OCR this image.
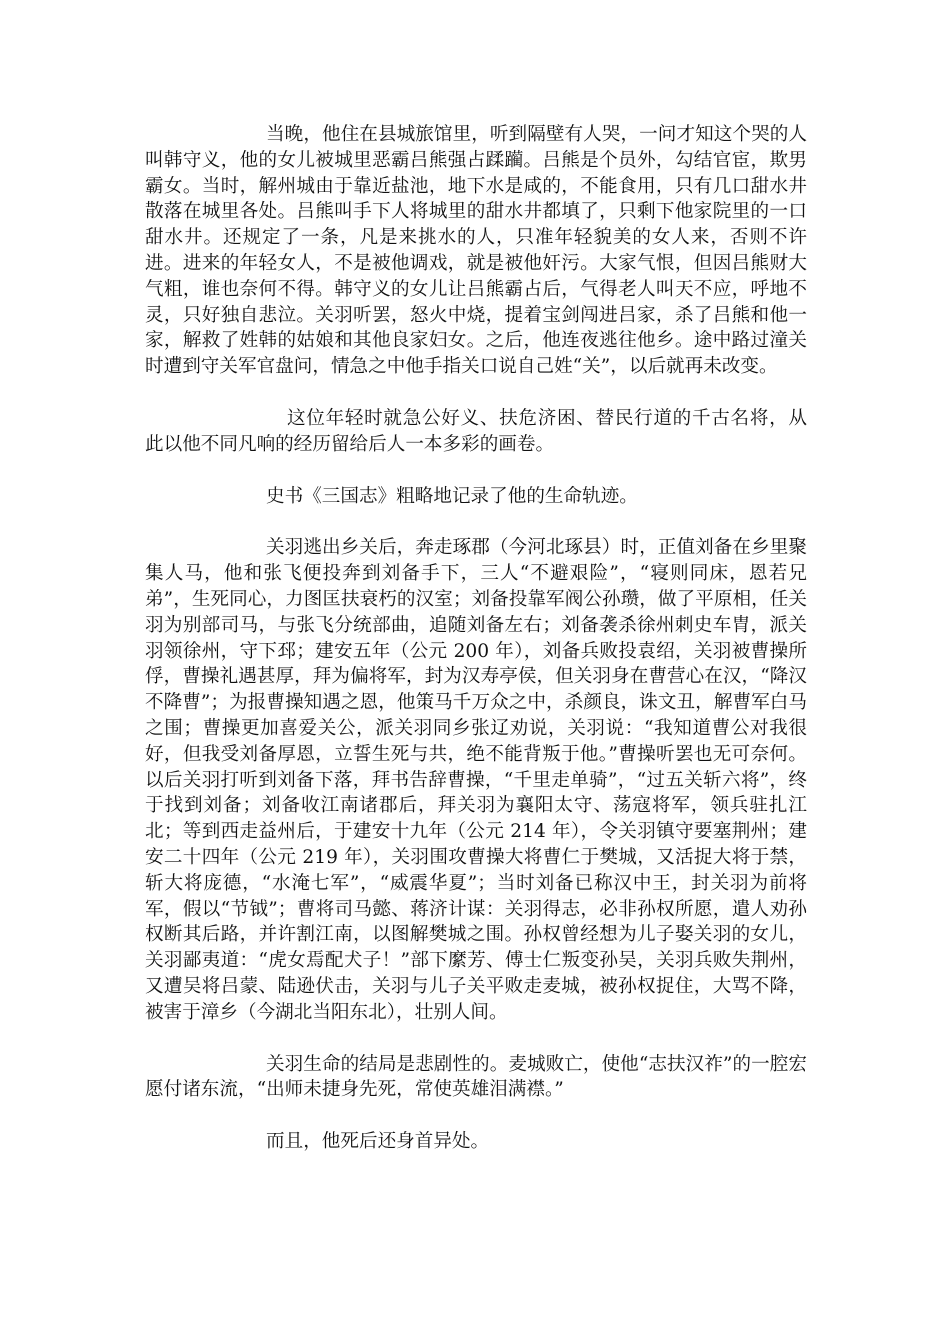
当晚，他住在县城旅馆里，听到隔壁有人哭，一问才知这个哭的人叫韩守义，他的女儿被城里恶霸吕熊强占蹂躏。吕熊是个员外，勾结官宦，欺男霸女。当时，解州城由于靠近盐池，地下水是咸的，不能食用，只有几口甜水井散落在城里各处。吕熊叫手下人将城里的甜水井都填了，只剩下他家院里的一口甜水井。还规定了一条，凡是来挑水的人，只准年轻貌美的女人来，否则不许进。进来的年轻女人，不是被他调戏，就是被他奸污。大家气恨，但因吕熊财大气粗，谁也奈何不得。韩守义的女儿让吕熊霸占后，气得老人叫天不应，呼地不灵，只好独自悲泣。关羽听罢，怒火中烧，提着宝剑闯进吕家，杀了吕熊和他一家，解救了姓韩的姑娘和其他良家妇女。之后，他连夜逃往他乡。途中路过潼关时遭到守关军官盘问，情急之中他手指关口说自己姓“关”，以后就再未改变。

这位年轻时就急公好义、扶危济困、替民行道的千古名将，从此以他不同凡响的经历留给后人一本多彩的画卷。

史书《三国志》粗略地记录了他的生命轨迹。

关羽逃出乡关后，奔走琢郡（今河北琢县）时，正值刘备在乡里聚集人马，他和张飞便投奔到刘备手下，三人“不避艰险”，“寝则同床，恩若兄弟”，生死同心，力图匡扶衰朽的汉室；刘备投靠军阀公孙瓒，做了平原相，任关羽为别部司马，与张飞分统部曲，追随刘备左右；刘备袭杀徐州刺史车胄，派关羽领徐州，守下邳；建安五年（公元 200 年），刘备兵败投袁绍，关羽被曹操所俘，曹操礼遇甚厚，拜为偏将军，封为汉寿亭侯，但关羽身在曹营心在汉，“降汉不降曹”；为报曹操知遇之恩，他策马千万众之中，杀颜良，诛文丑，解曹军白马之围；曹操更加喜爱关公，派关羽同乡张辽劝说，关羽说：“我知道曹公对我很好，但我受刘备厚恩，立誓生死与共，绝不能背叛于他。”曹操听罢也无可奈何。以后关羽打听到刘备下落，拜书告辞曹操，“千里走单骑”，“过五关斩六将”，终于找到刘备；刘备收江南诸郡后，拜关羽为襄阳太守、荡寇将军，领兵驻扎江北；等到西走益州后，于建安十九年（公元 214 年），令关羽镇守要塞荆州；建安二十四年（公元 219 年），关羽围攻曹操大将曹仁于樊城，又活捉大将于禁，斩大将庞德，“水淹七军”，“威震华夏”；当时刘备已称汉中王，封关羽为前将军，假以“节钺”；曹将司马懿、蒋济计谋：关羽得志，必非孙权所愿，遣人劝孙权断其后路，并许割江南，以图解樊城之围。孙权曾经想为儿子娶关羽的女儿，关羽鄙夷道：“虎女焉配犬子！”部下縻芳、傅士仁叛变孙吴，关羽兵败失荆州，又遭吴将吕蒙、陆逊伏击，关羽与儿子关平败走麦城，被孙权捉住，大骂不降，被害于漳乡（今湖北当阳东北），壮别人间。

关羽生命的结局是悲剧性的。麦城败亡，使他“志扶汉祚”的一腔宏愿付诸东流，“出师未捷身先死，常使英雄泪满襟。”

而且，他死后还身首异处。
